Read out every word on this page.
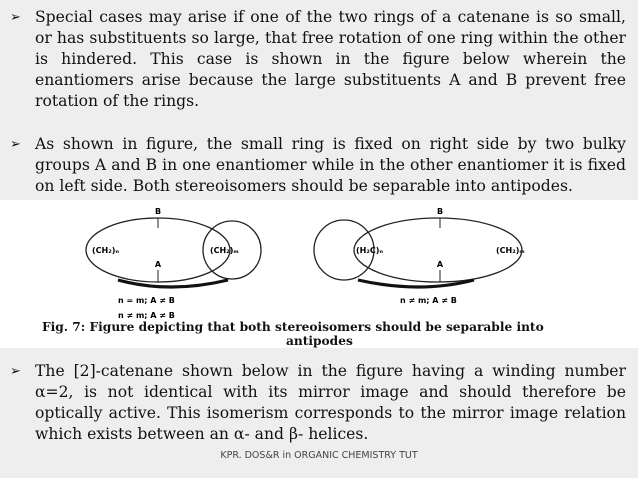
➢ Special cases may arise if one of the two rings of a catenane is so small, or has substituents so large, that free rotation of one ring within the other is hindered. This case is shown in the figure below wherein the enantiomers arise because the large substituents A and B prevent free rotation of the rings.
➢ As shown in figure, the small ring is fixed on right side by two bulky groups A and B in one enantiomer while in the other enantiomer it is fixed on left side. Both stereoisomers should be separable into antipodes.
B
A
(CH₂)ₙ	(CH₂)ₘ
n = m; A ≠ B
n ≠ m; A ≠ B
B
A
(H₂C)ₙ	(CH₂)ₘ
n ≠ m; A ≠ B
Fig. 7: Figure depicting that both stereoisomers should be separable into
antipodes
➢ The [2]-catenane shown below in the figure having a winding number α=2, is not identical with its mirror image and should therefore be optically active. This isomerism corresponds to the mirror image relation which exists between an α- and β- helices.
KPR. DOS&R in ORGANIC CHEMISTRY TUT
